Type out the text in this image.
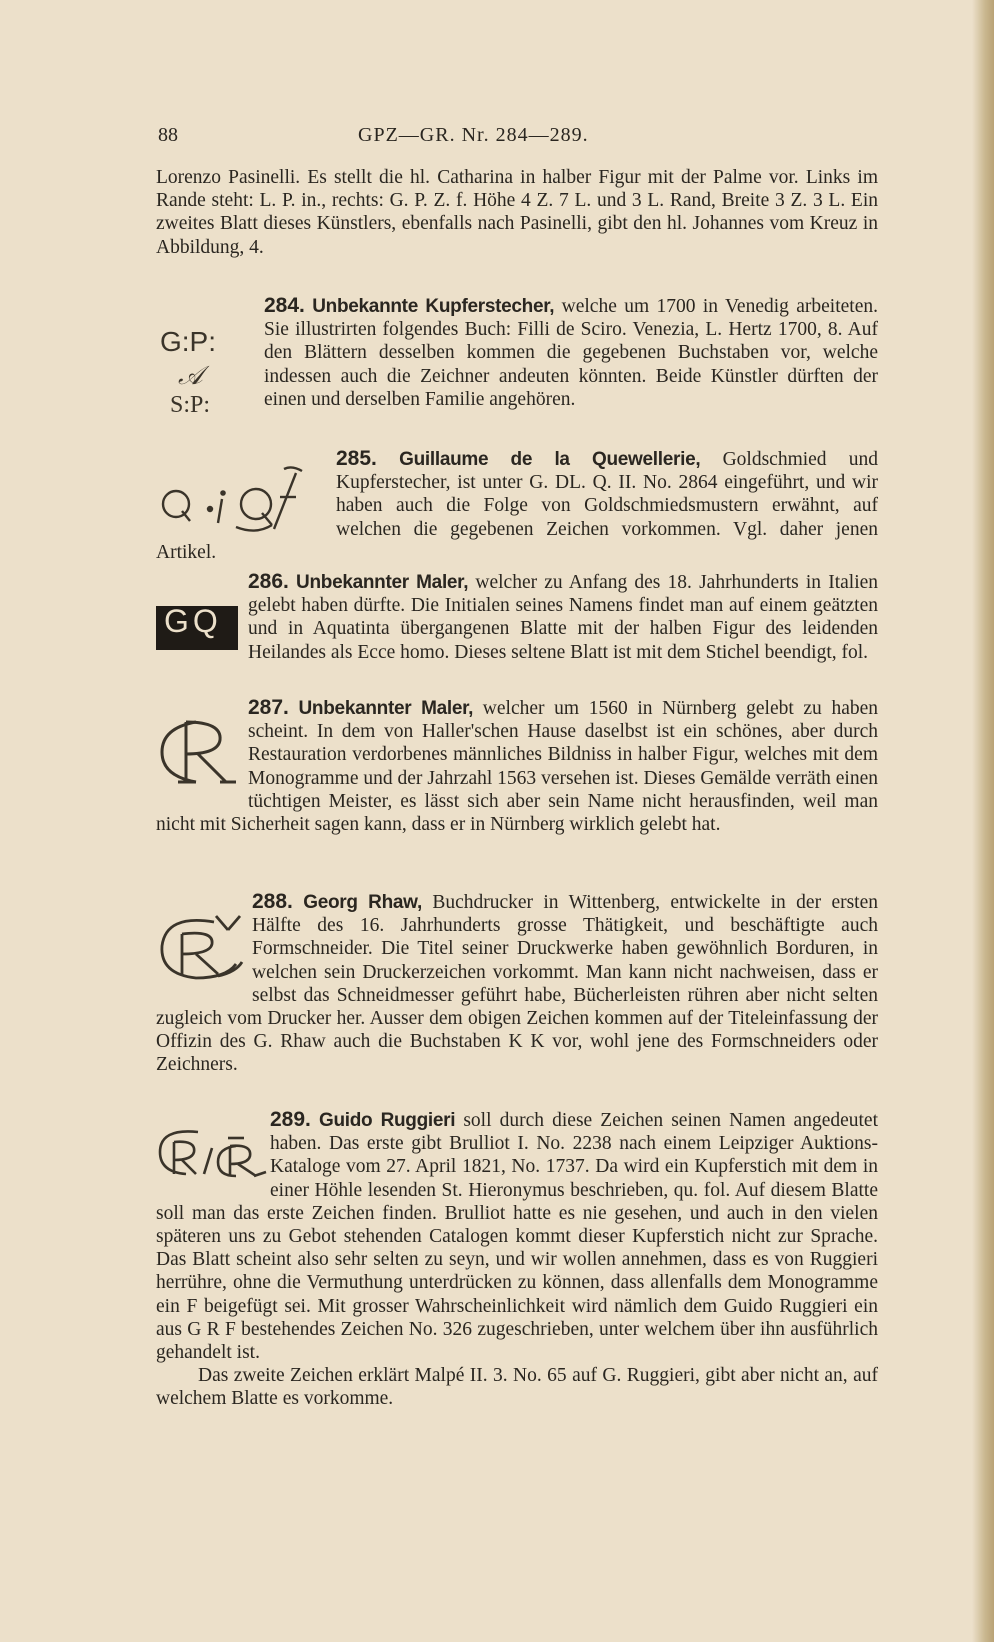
88	GPZ—GR. Nr. 284—289.
Lorenzo Pasinelli. Es stellt die hl. Catharina in halber Figur mit der Palme vor. Links im Rande steht: L. P. in., rechts: G. P. Z. f. Höhe 4 Z. 7 L. und 3 L. Rand, Breite 3 Z. 3 L. Ein zweites Blatt dieses Künstlers, ebenfalls nach Pasinelli, gibt den hl. Johannes vom Kreuz in Abbildung, 4.
G:P:
𝒜
S:P:
284. Unbekannte Kupferstecher, welche um 1700 in Venedig arbeiteten. Sie illustrirten folgendes Buch: Filli de Sciro. Venezia, L. Hertz 1700, 8. Auf den Blättern desselben kommen die gegebenen Buchstaben vor, welche indessen auch die Zeichner andeuten könnten. Beide Künstler dürften der einen und derselben Familie angehören.
285. Guillaume de la Quewellerie, Goldschmied und Kupferstecher, ist unter G. DL. Q. II. No. 2864 eingeführt, und wir haben auch die Folge von Goldschmiedsmustern erwähnt, auf welchen die gegebenen Zeichen vorkommen. Vgl. daher jenen Artikel.
GQ
286. Unbekannter Maler, welcher zu Anfang des 18. Jahrhunderts in Italien gelebt haben dürfte. Die Initialen seines Namens findet man auf einem geätzten und in Aquatinta übergangenen Blatte mit der halben Figur des leidenden Heilandes als Ecce homo. Dieses seltene Blatt ist mit dem Stichel beendigt, fol.
287. Unbekannter Maler, welcher um 1560 in Nürnberg gelebt zu haben scheint. In dem von Haller'schen Hause daselbst ist ein schönes, aber durch Restauration verdorbenes männliches Bildniss in halber Figur, welches mit dem Monogramme und der Jahrzahl 1563 versehen ist. Dieses Gemälde verräth einen tüchtigen Meister, es lässt sich aber sein Name nicht herausfinden, weil man nicht mit Sicherheit sagen kann, dass er in Nürnberg wirklich gelebt hat.
288. Georg Rhaw, Buchdrucker in Wittenberg, entwickelte in der ersten Hälfte des 16. Jahrhunderts grosse Thätigkeit, und beschäftigte auch Formschneider. Die Titel seiner Druckwerke haben gewöhnlich Borduren, in welchen sein Druckerzeichen vorkommt. Man kann nicht nachweisen, dass er selbst das Schneidmesser geführt habe, Bücherleisten rühren aber nicht selten zugleich vom Drucker her. Ausser dem obigen Zeichen kommen auf der Titeleinfassung der Offizin des G. Rhaw auch die Buchstaben K K vor, wohl jene des Formschneiders oder Zeichners.
289. Guido Ruggieri soll durch diese Zeichen seinen Namen angedeutet haben. Das erste gibt Brulliot I. No. 2238 nach einem Leipziger Auktions-Kataloge vom 27. April 1821, No. 1737. Da wird ein Kupferstich mit dem in einer Höhle lesenden St. Hieronymus beschrieben, qu. fol. Auf diesem Blatte soll man das erste Zeichen finden. Brulliot hatte es nie gesehen, und auch in den vielen späteren uns zu Gebot stehenden Catalogen kommt dieser Kupferstich nicht zur Sprache. Das Blatt scheint also sehr selten zu seyn, und wir wollen annehmen, dass es von Ruggieri herrühre, ohne die Vermuthung unterdrücken zu können, dass allenfalls dem Monogramme ein F beigefügt sei. Mit grosser Wahrscheinlichkeit wird nämlich dem Guido Ruggieri ein aus G R F bestehendes Zeichen No. 326 zugeschrieben, unter welchem über ihn ausführlich gehandelt ist.
Das zweite Zeichen erklärt Malpé II. 3. No. 65 auf G. Ruggieri, gibt aber nicht an, auf welchem Blatte es vorkomme.
